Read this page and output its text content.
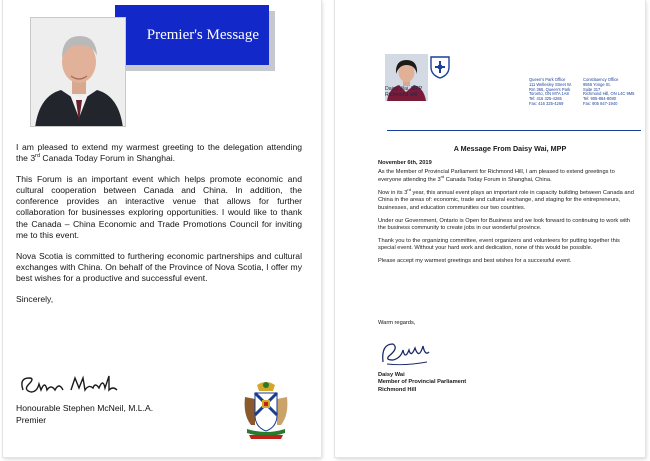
Premier's Message

I am pleased to extend my warmest greeting to the delegation attending the 3rd Canada Today Forum in Shanghai.

This Forum is an important event which helps promote economic and cultural cooperation between Canada and China. In addition, the conference provides an interactive venue that allows for further collaboration for businesses exploring opportunities. I would like to thank the Canada – China Economic and Trade Promotions Council for inviting me to this event.

Nova Scotia is committed to furthering economic partnerships and cultural exchanges with China. On behalf of the Province of Nova Scotia, I offer my best wishes for a productive and successful event.

Sincerely,

Honourable Stephen McNeil, M.L.A.
Premier
Daisy Wai, MPP
Richmond Hill
Queen's Park Office
111 Wellesley Street W.
Rm 365, Queen's Park
Toronto, ON M7A 1A8
Tel: 416 325-4265
Fax: 416 325-4269
Constituency Office
9555 Yonge St.
Suite 317
Richmond Hill, ON L4C 9M5
Tel: 905-884-8080
Fax: 905 847-1940
A Message From Daisy Wai, MPP

November 6th, 2019

As the Member of Provincial Parliament for Richmond Hill, I am pleased to extend greetings to everyone attending the 3rd Canada Today Forum in Shanghai, China.

Now in its 3rd year, this annual event plays an important role in capacity building between Canada and China in the areas of: economic, trade and cultural exchange, and staging for the entrepreneurs, businesses, and education communities our two countries.

Under our Government, Ontario is Open for Business and we look forward to continuing to work with the business community to create jobs in our wonderful province.

Thank you to the organizing committee, event organizers and volunteers for putting together this special event. Without your hard work and dedication, none of this would be possible.

Please accept my warmest greetings and best wishes for a successful event.

Warm regards,
Daisy Wai
Member of Provincial Parliament
Richmond Hill
